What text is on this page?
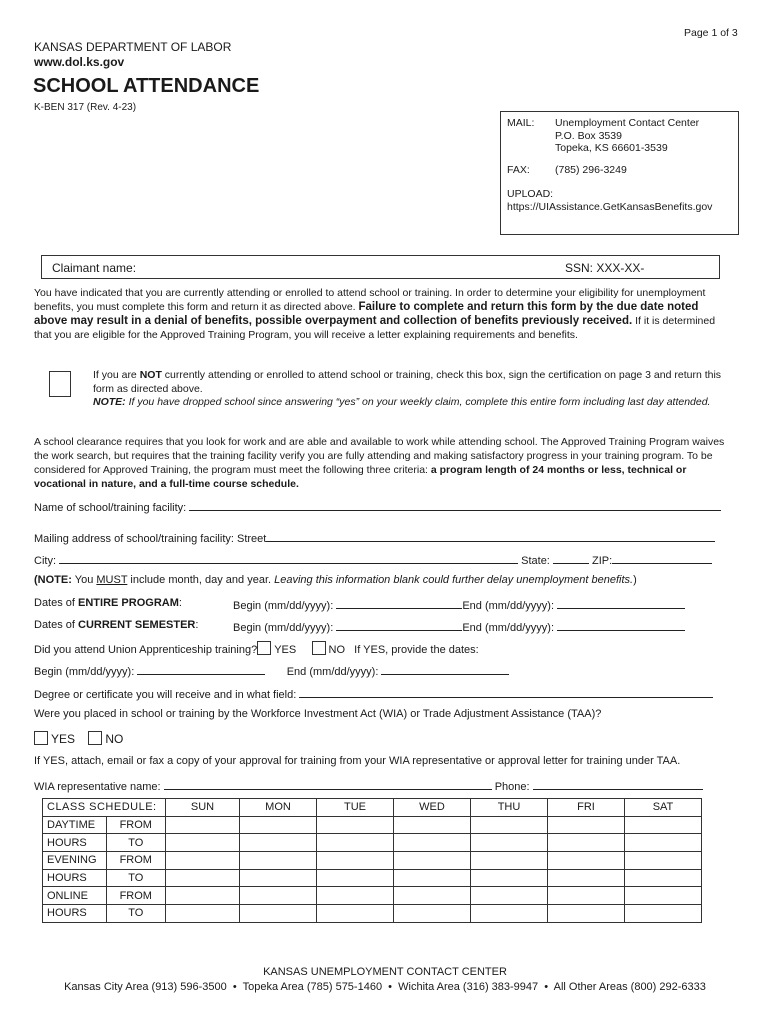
Page 1 of 3
KANSAS DEPARTMENT OF LABOR
www.dol.ks.gov
SCHOOL ATTENDANCE
K-BEN 317 (Rev. 4-23)
MAIL: Unemployment Contact Center
P.O. Box 3539
Topeka, KS 66601-3539
FAX: (785) 296-3249
UPLOAD:
https://UIAssistance.GetKansasBenefits.gov
Claimant name:	SSN: XXX-XX-
You have indicated that you are currently attending or enrolled to attend school or training. In order to determine your eligibility for unemployment benefits, you must complete this form and return it as directed above. Failure to complete and return this form by the due date noted above may result in a denial of benefits, possible overpayment and collection of benefits previously received. If it is determined that you are eligible for the Approved Training Program, you will receive a letter explaining requirements and benefits.
If you are NOT currently attending or enrolled to attend school or training, check this box, sign the certification on page 3 and return this form as directed above.
NOTE: If you have dropped school since answering “yes” on your weekly claim, complete this entire form including last day attended.
A school clearance requires that you look for work and are able and available to work while attending school. The Approved Training Program waives the work search, but requires that the training facility verify you are fully attending and making satisfactory progress in your training program. To be considered for Approved Training, the program must meet the following three criteria: a program length of 24 months or less, technical or vocational in nature, and a full-time course schedule.
Name of school/training facility:
Mailing address of school/training facility: Street
City:	State:	ZIP:
(NOTE: You MUST include month, day and year. Leaving this information blank could further delay unemployment benefits.)
Dates of ENTIRE PROGRAM:	Begin (mm/dd/yyyy):	End (mm/dd/yyyy):
Dates of CURRENT SEMESTER:	Begin (mm/dd/yyyy):	End (mm/dd/yyyy):
Did you attend Union Apprenticeship training? YES	NO If YES, provide the dates:
Begin (mm/dd/yyyy):	End (mm/dd/yyyy):
Degree or certificate you will receive and in what field:
Were you placed in school or training by the Workforce Investment Act (WIA) or Trade Adjustment Assistance (TAA)?
YES	NO
If YES, attach, email or fax a copy of your approval for training from your WIA representative or approval letter for training under TAA.
WIA representative name:	Phone:
CLASS SCHEDULE:		SUN	MON	TUE	WED	THU	FRI	SAT
DAYTIME	FROM							
HOURS	TO							
EVENING	FROM							
HOURS	TO							
ONLINE	FROM							
HOURS	TO							
KANSAS UNEMPLOYMENT CONTACT CENTER
Kansas City Area (913) 596-3500  •  Topeka Area (785) 575-1460  •  Wichita Area (316) 383-9947  •  All Other Areas (800) 292-6333
